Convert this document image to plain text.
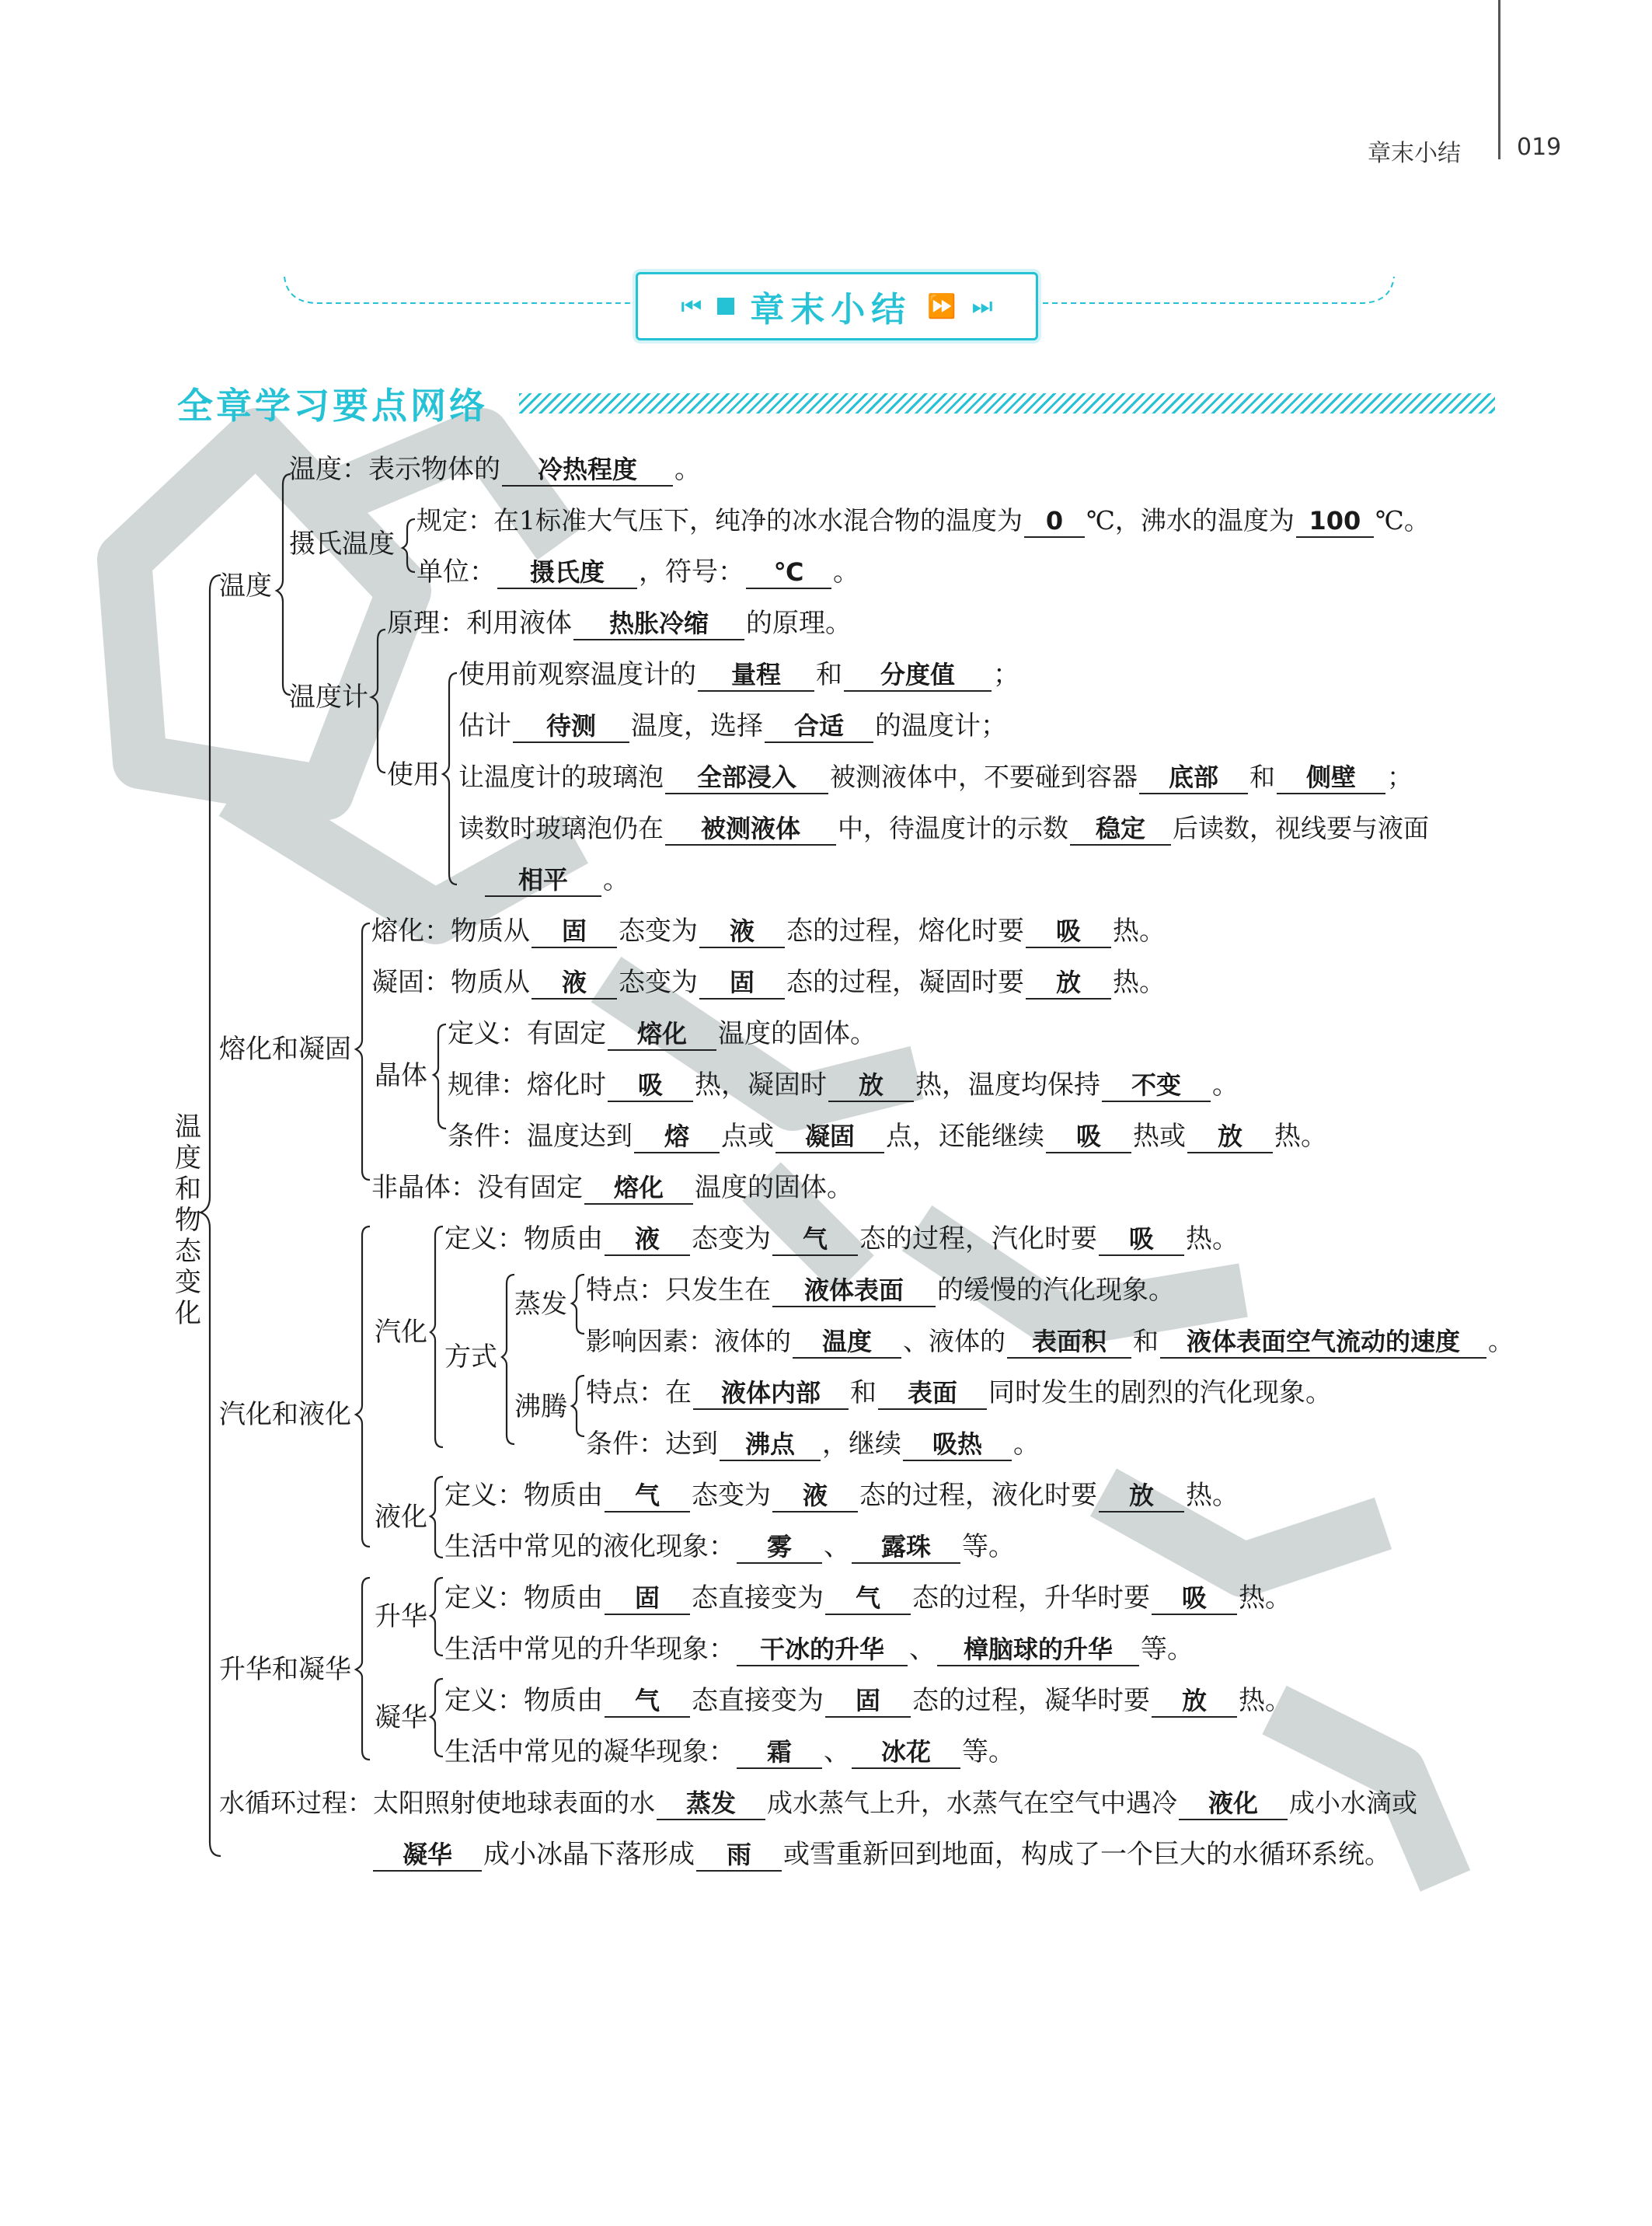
章末小结 019
⏮ 章末小结 ⏩ ⏭
全章学习要点网络
温度和物态变化
温度
摄氏温度
温度计
使用
熔化和凝固
晶体
汽化和液化
汽化
方式
蒸发
沸腾
液化
升华和凝华
升华
凝华
温度：表示物体的 冷热程度 。
规定：在1标准大气压下，纯净的冰水混合物的温度为 0 ℃，沸水的温度为 100 ℃。
单位： 摄氏度 ，符号： ℃ 。
原理：利用液体 热胀冷缩 的原理。
使用前观察温度计的 量程 和 分度值 ；
估计 待测 温度，选择 合适 的温度计；
让温度计的玻璃泡 全部浸入 被测液体中，不要碰到容器 底部 和 侧壁 ；
读数时玻璃泡仍在 被测液体 中，待温度计的示数 稳定 后读数，视线要与液面
相平 。
熔化：物质从 固 态变为 液 态的过程，熔化时要 吸 热。
凝固：物质从 液 态变为 固 态的过程，凝固时要 放 热。
定义：有固定 熔化 温度的固体。
规律：熔化时 吸 热，凝固时 放 热，温度均保持 不变 。
条件：温度达到 熔 点或 凝固 点，还能继续 吸 热或 放 热。
非晶体：没有固定 熔化 温度的固体。
定义：物质由 液 态变为 气 态的过程，汽化时要 吸 热。
特点：只发生在 液体表面 的缓慢的汽化现象。
影响因素：液体的 温度 、液体的 表面积 和 液体表面空气流动的速度 。
特点：在 液体内部 和 表面 同时发生的剧烈的汽化现象。
条件：达到 沸点 ，继续 吸热 。
定义：物质由 气 态变为 液 态的过程，液化时要 放 热。
生活中常见的液化现象： 雾 、 露珠 等。
定义：物质由 固 态直接变为 气 态的过程，升华时要 吸 热。
生活中常见的升华现象： 干冰的升华 、 樟脑球的升华 等。
定义：物质由 气 态直接变为 固 态的过程，凝华时要 放 热。
生活中常见的凝华现象： 霜 、 冰花 等。
水循环过程：太阳照射使地球表面的水 蒸发 成水蒸气上升，水蒸气在空气中遇冷 液化 成小水滴或
凝华 成小冰晶下落形成 雨 或雪重新回到地面，构成了一个巨大的水循环系统。
